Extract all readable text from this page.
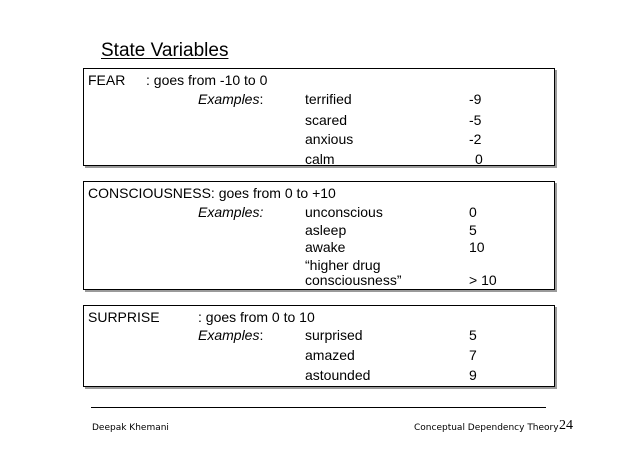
State Variables
FEAR : goes from -10 to 0
Examples:	terrified	-9
scared	-5
anxious	-2
calm	0
CONSCIOUSNESS: goes from 0 to +10
Examples:	unconscious	0
asleep	5
awake	10
“higher drug
consciousness”	> 10
SURPRISE	: goes from 0 to 10
Examples:	surprised	5
amazed	7
astounded	9
Deepak Khemani	Conceptual Dependency Theory 24
